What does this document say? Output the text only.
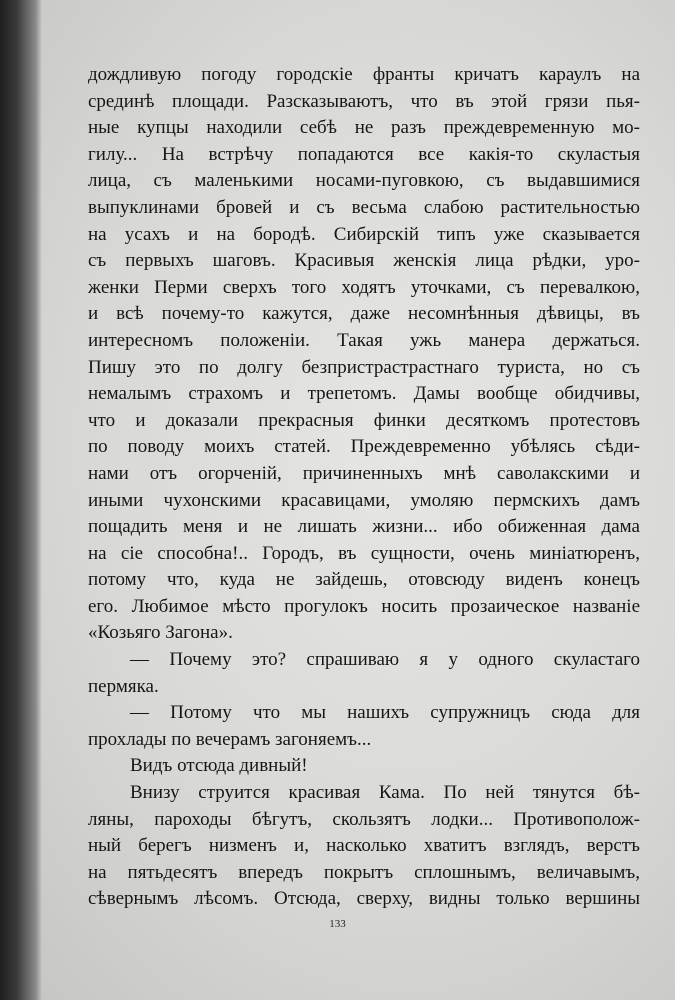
дождливую погоду городскіе франты кричатъ караулъ на
срединѣ площади. Разсказываютъ, что въ этой грязи пья-
ные купцы находили себѣ не разъ преждевременную мо-
гилу... На встрѣчу попадаются все какія-то скуластыя
лица, съ маленькими носами-пуговкою, съ выдавшимися
выпуклинами бровей и съ весьма слабою растительностью
на усахъ и на бородѣ. Сибирскій типъ уже сказывается
съ первыхъ шаговъ. Красивыя женскія лица рѣдки, уро-
женки Перми сверхъ того ходятъ уточками, съ перевалкою,
и всѣ почему-то кажутся, даже несомнѣнныя дѣвицы, въ
интересномъ положеніи. Такая ужь манера держаться.
Пишу это по долгу безпристрастрастнаго туриста, но съ
немалымъ страхомъ и трепетомъ. Дамы вообще обидчивы,
что и доказали прекрасныя финки десяткомъ протестовъ
по поводу моихъ статей. Преждевременно убѣлясь сѣди-
нами отъ огорченій, причиненныхъ мнѣ саволакскими и
иными чухонскими красавицами, умоляю пермскихъ дамъ
пощадить меня и не лишать жизни... ибо обиженная дама
на сіе способна!.. Городъ, въ сущности, очень миніатюренъ,
потому что, куда не зайдешь, отовсюду виденъ конецъ
его. Любимое мѣсто прогулокъ носить прозаическое названіе
«Козьяго Загона».
— Почему это? спрашиваю я у одного скуластаго
пермяка.
— Потому что мы нашихъ супружницъ сюда для
прохлады по вечерамъ загоняемъ...
Видъ отсюда дивный!
Внизу струится красивая Кама. По ней тянутся бѣ-
ляны, пароходы бѣгутъ, скользятъ лодки... Противополож-
ный берегъ низменъ и, насколько хватитъ взглядъ, верстъ
на пятьдесятъ впередъ покрытъ сплошнымъ, величавымъ,
сѣвернымъ лѣсомъ. Отсюда, сверху, видны только вершины
133
